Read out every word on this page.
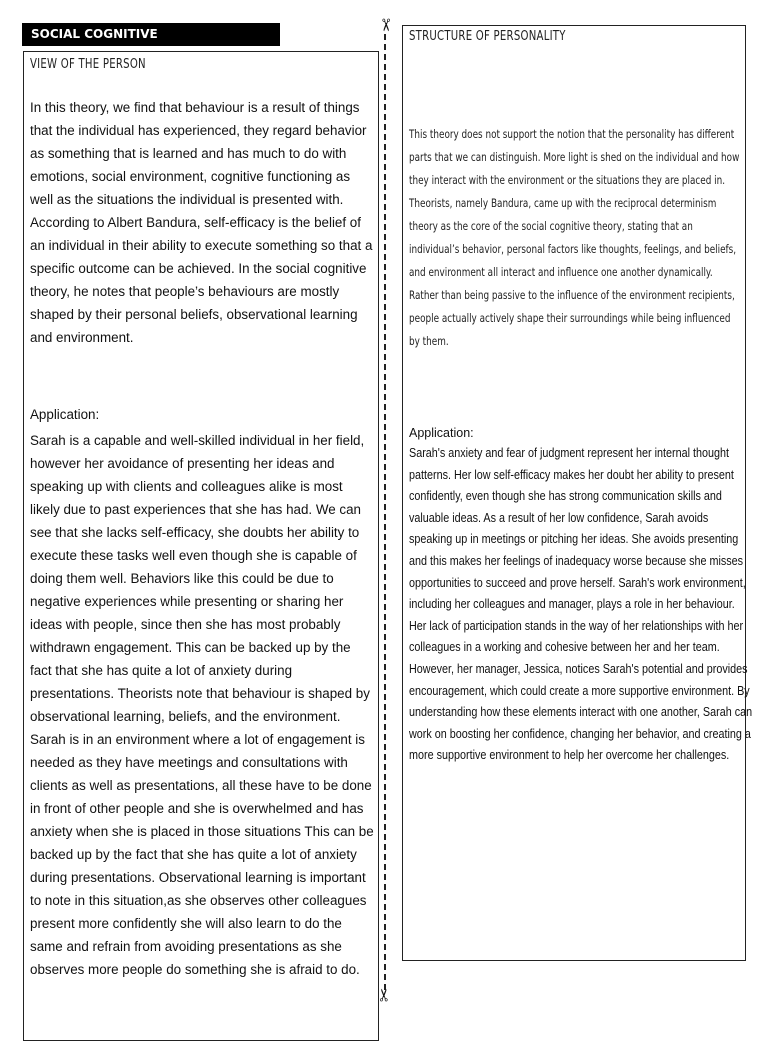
SOCIAL COGNITIVE
VIEW OF THE PERSON
In this theory, we find that behaviour is a result of things that the individual has experienced, they regard behavior as something that is learned and has much to do with emotions, social environment, cognitive functioning as well as the situations the individual is presented with. According to Albert Bandura, self-efficacy is the belief of an individual in their ability to execute something so that a specific outcome can be achieved. In the social cognitive theory, he notes that people’s behaviours are mostly shaped by their personal beliefs, observational learning and environment.
Application:
Sarah is a capable and well-skilled individual in her field, however her avoidance of presenting her ideas and speaking up with clients and colleagues alike is most likely due to past experiences that she has had. We can see that she lacks self-efficacy, she doubts her ability to execute these tasks well even though she is capable of doing them well. Behaviors like this could be due to negative experiences while presenting or sharing her ideas with people, since then she has most probably withdrawn engagement. This can be backed up by the fact that she has quite a lot of anxiety during presentations. Theorists note that behaviour is shaped by observational learning, beliefs, and the environment. Sarah is in an environment where a lot of engagement is needed as they have meetings and consultations with clients as well as presentations, all these have to be done in front of other people and she is overwhelmed and has anxiety when she is placed in those situations This can be backed up by the fact that she has quite a lot of anxiety during presentations. Observational learning is important to note in this situation,as she observes other colleagues present more confidently she will also learn to do the same and refrain from avoiding presentations as she observes more people do something she is afraid to do.
✂
✂
STRUCTURE OF PERSONALITY
This theory does not support the notion that the personality has different parts that we can distinguish. More light is shed on the individual and how they interact with the environment or the situations they are placed in. Theorists, namely Bandura, came up with the reciprocal determinism theory as the core of the social cognitive theory, stating that an individual’s behavior, personal factors like thoughts, feelings, and beliefs, and environment all interact and influence one another dynamically. Rather than being passive to the influence of the environment recipients, people actually actively shape their surroundings while being influenced by them.
Application:
Sarah's anxiety and fear of judgment represent her internal thought patterns. Her low self-efficacy makes her doubt her ability to present confidently, even though she has strong communication skills and valuable ideas. As a result of her low confidence, Sarah avoids speaking up in meetings or pitching her ideas. She avoids presenting and this makes her feelings of inadequacy worse because she misses opportunities to succeed and prove herself. Sarah's work environment, including her colleagues and manager, plays a role in her behaviour. Her lack of participation stands in the way of her relationships with her colleagues in a working and cohesive between her and her team. However, her manager, Jessica, notices Sarah's potential and provides encouragement, which could create a more supportive environment. By understanding how these elements interact with one another, Sarah can work on boosting her confidence, changing her behavior, and creating a more supportive environment to help her overcome her challenges.
